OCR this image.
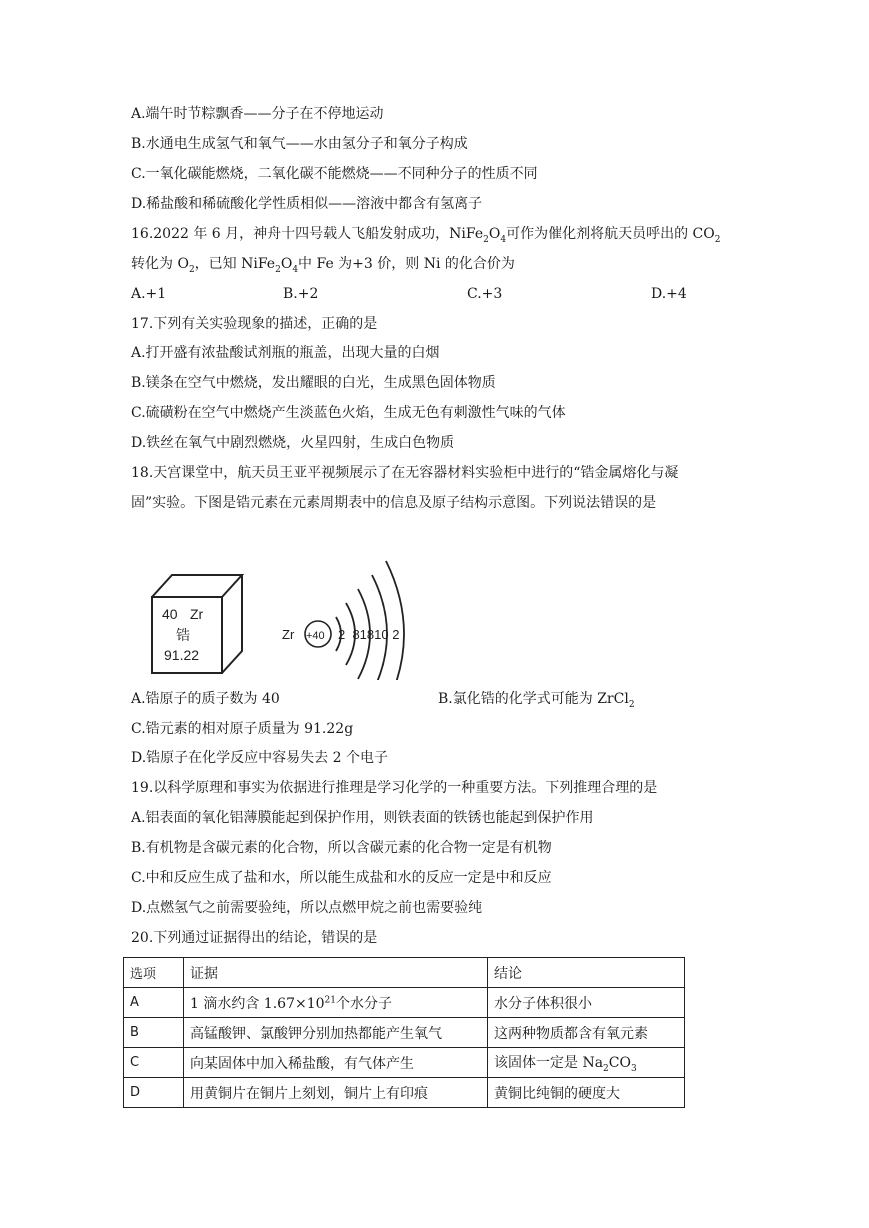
A.端午时节粽飘香——分子在不停地运动
B.水通电生成氢气和氧气——水由氢分子和氧分子构成
C.一氧化碳能燃烧，二氧化碳不能燃烧——不同种分子的性质不同
D.稀盐酸和稀硫酸化学性质相似——溶液中都含有氢离子
16.2022 年 6 月，神舟十四号载人飞船发射成功，$NiFe_2O_4$可作为催化剂将航天员呼出的 $CO_2$
转化为 $O_2$，已知 $NiFe_2O_4$中 Fe 为+3 价，则 Ni 的化合价为
A.+1	B.+2	C.+3	D.+4
17.下列有关实验现象的描述，正确的是
A.打开盛有浓盐酸试剂瓶的瓶盖，出现大量的白烟
B.镁条在空气中燃烧，发出耀眼的白光，生成黑色固体物质
C.硫磺粉在空气中燃烧产生淡蓝色火焰，生成无色有刺激性气味的气体
D.铁丝在氧气中剧烈燃烧，火星四射，生成白色物质
18.天宫课堂中，航天员王亚平视频展示了在无容器材料实验柜中进行的“锆金属熔化与凝
固”实验。下图是锆元素在元素周期表中的信息及原子结构示意图。下列说法错误的是
40 Zr
锆
91.22
Zr +40 2  81810 2
A.锆原子的质子数为 40	B.氯化锆的化学式可能为 ZrCl$_2$
C.锆元素的相对原子质量为 91.22g
D.锆原子在化学反应中容易失去 2 个电子
19.以科学原理和事实为依据进行推理是学习化学的一种重要方法。下列推理合理的是
A.铝表面的氧化铝薄膜能起到保护作用，则铁表面的铁锈也能起到保护作用
B.有机物是含碳元素的化合物，所以含碳元素的化合物一定是有机物
C.中和反应生成了盐和水，所以能生成盐和水的反应一定是中和反应
D.点燃氢气之前需要验纯，所以点燃甲烷之前也需要验纯
20.下列通过证据得出的结论，错误的是
选项	证据	结论
A	1 滴水约含 $1.67\times 10^{21}$个水分子	水分子体积很小
B	高锰酸钾、氯酸钾分别加热都能产生氧气	这两种物质都含有氧元素
C	向某固体中加入稀盐酸，有气体产生	该固体一定是 $Na_2CO_3$
D	用黄铜片在铜片上刻划，铜片上有印痕	黄铜比纯铜的硬度大
